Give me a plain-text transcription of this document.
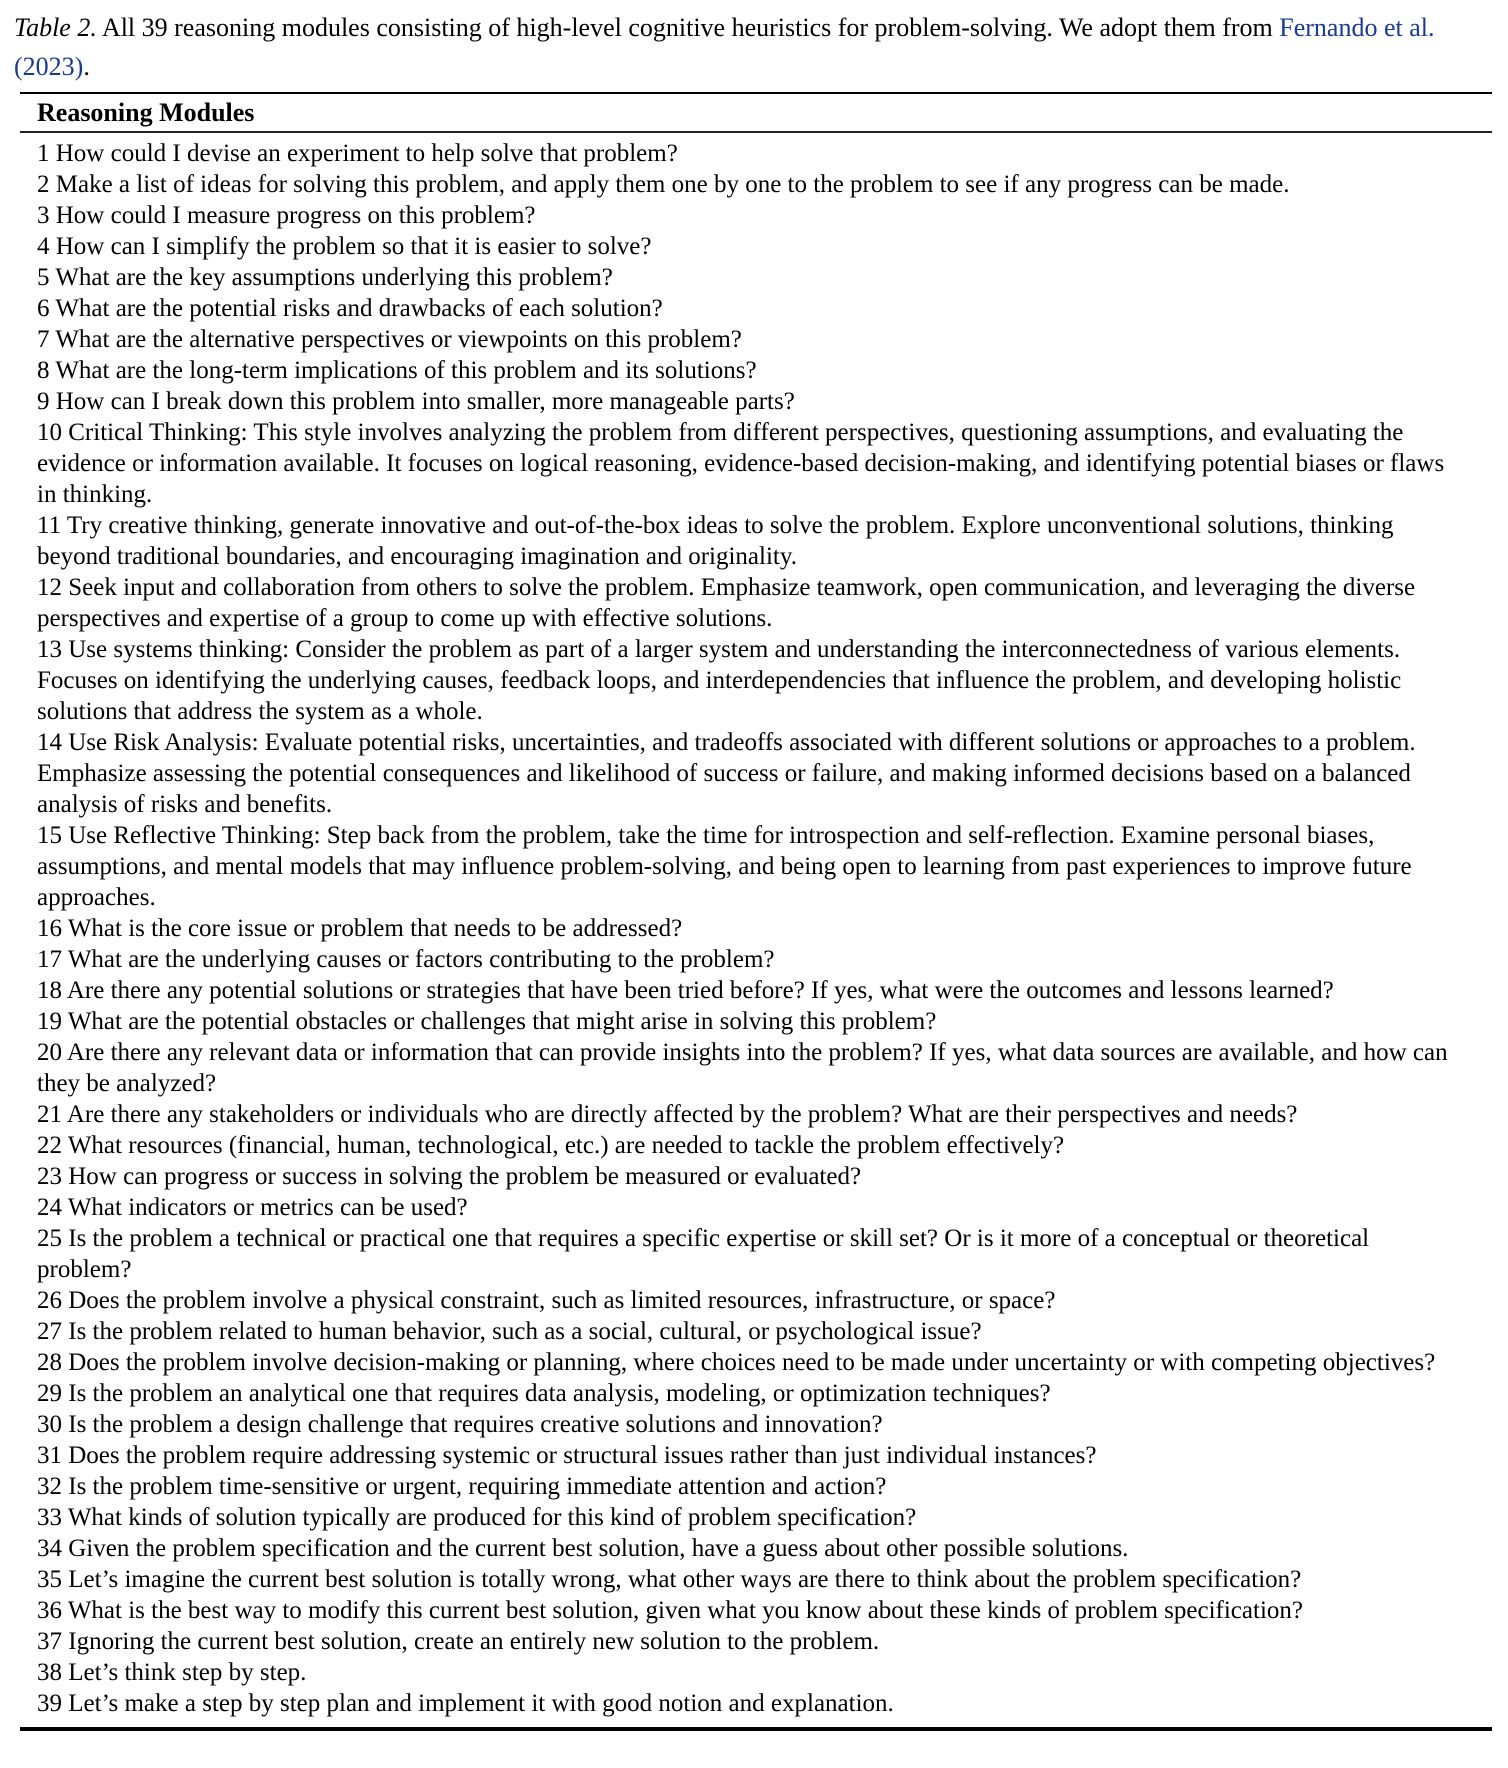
Table 2. All 39 reasoning modules consisting of high-level cognitive heuristics for problem-solving. We adopt them from Fernando et al. (2023).

Reasoning Modules
1 How could I devise an experiment to help solve that problem?
2 Make a list of ideas for solving this problem, and apply them one by one to the problem to see if any progress can be made.
3 How could I measure progress on this problem?
4 How can I simplify the problem so that it is easier to solve?
5 What are the key assumptions underlying this problem?
6 What are the potential risks and drawbacks of each solution?
7 What are the alternative perspectives or viewpoints on this problem?
8 What are the long-term implications of this problem and its solutions?
9 How can I break down this problem into smaller, more manageable parts?
10 Critical Thinking: This style involves analyzing the problem from different perspectives, questioning assumptions, and evaluating the evidence or information available. It focuses on logical reasoning, evidence-based decision-making, and identifying potential biases or flaws in thinking.
11 Try creative thinking, generate innovative and out-of-the-box ideas to solve the problem. Explore unconventional solutions, thinking beyond traditional boundaries, and encouraging imagination and originality.
12 Seek input and collaboration from others to solve the problem. Emphasize teamwork, open communication, and leveraging the diverse perspectives and expertise of a group to come up with effective solutions.
13 Use systems thinking: Consider the problem as part of a larger system and understanding the interconnectedness of various elements. Focuses on identifying the underlying causes, feedback loops, and interdependencies that influence the problem, and developing holistic solutions that address the system as a whole.
14 Use Risk Analysis: Evaluate potential risks, uncertainties, and tradeoffs associated with different solutions or approaches to a problem. Emphasize assessing the potential consequences and likelihood of success or failure, and making informed decisions based on a balanced analysis of risks and benefits.
15 Use Reflective Thinking: Step back from the problem, take the time for introspection and self-reflection. Examine personal biases, assumptions, and mental models that may influence problem-solving, and being open to learning from past experiences to improve future approaches.
16 What is the core issue or problem that needs to be addressed?
17 What are the underlying causes or factors contributing to the problem?
18 Are there any potential solutions or strategies that have been tried before? If yes, what were the outcomes and lessons learned?
19 What are the potential obstacles or challenges that might arise in solving this problem?
20 Are there any relevant data or information that can provide insights into the problem? If yes, what data sources are available, and how can they be analyzed?
21 Are there any stakeholders or individuals who are directly affected by the problem? What are their perspectives and needs?
22 What resources (financial, human, technological, etc.) are needed to tackle the problem effectively?
23 How can progress or success in solving the problem be measured or evaluated?
24 What indicators or metrics can be used?
25 Is the problem a technical or practical one that requires a specific expertise or skill set? Or is it more of a conceptual or theoretical problem?
26 Does the problem involve a physical constraint, such as limited resources, infrastructure, or space?
27 Is the problem related to human behavior, such as a social, cultural, or psychological issue?
28 Does the problem involve decision-making or planning, where choices need to be made under uncertainty or with competing objectives?
29 Is the problem an analytical one that requires data analysis, modeling, or optimization techniques?
30 Is the problem a design challenge that requires creative solutions and innovation?
31 Does the problem require addressing systemic or structural issues rather than just individual instances?
32 Is the problem time-sensitive or urgent, requiring immediate attention and action?
33 What kinds of solution typically are produced for this kind of problem specification?
34 Given the problem specification and the current best solution, have a guess about other possible solutions.
35 Let’s imagine the current best solution is totally wrong, what other ways are there to think about the problem specification?
36 What is the best way to modify this current best solution, given what you know about these kinds of problem specification?
37 Ignoring the current best solution, create an entirely new solution to the problem.
38 Let’s think step by step.
39 Let’s make a step by step plan and implement it with good notion and explanation.
